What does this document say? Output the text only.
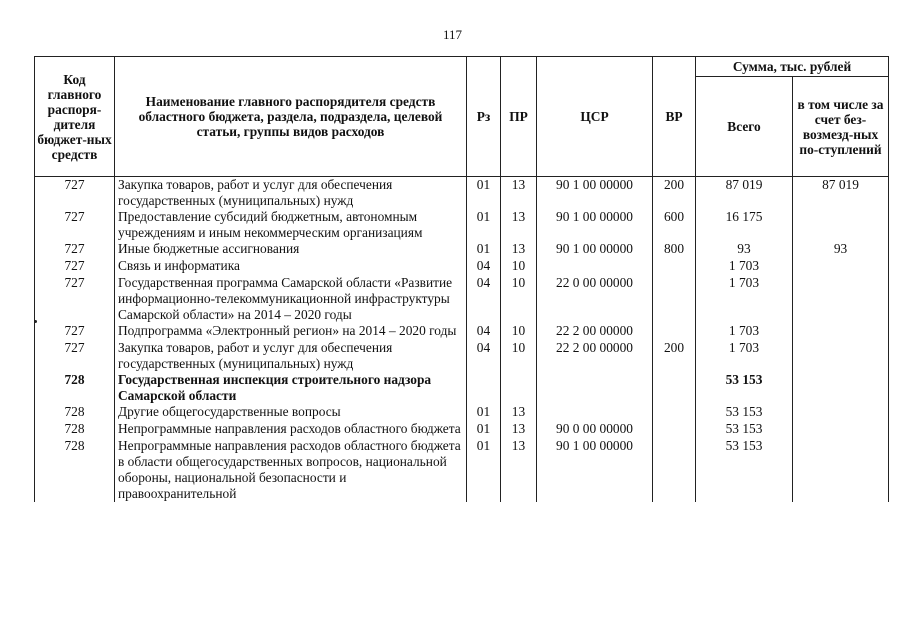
117
Код главного распоря-дителя бюджет-ных средств	Наименование главного распорядителя средств областного бюджета, раздела, подраздела, целевой статьи, группы видов расходов	Рз	ПР	ЦСР	ВР	Сумма, тыс. рублей	
						Всего	в том числе за счет без-возмезд-ных по-ступлений
727	Закупка товаров, работ и услуг для обеспечения государственных (муниципальных) нужд	01	13	90 1 00 00000	200	87 019	87 019
727	Предоставление субсидий бюджетным, автономным учреждениям и иным некоммерческим организациям	01	13	90 1 00 00000	600	16 175	
727	Иные бюджетные ассигнования	01	13	90 1 00 00000	800	93	93
727	Связь и информатика	04	10			1 703	
727	Государственная программа Самарской области «Развитие информационно-телекоммуникационной инфраструктуры Самарской области» на 2014 – 2020 годы	04	10	22 0 00 00000		1 703	
727	Подпрограмма «Электронный регион» на 2014 – 2020 годы	04	10	22 2 00 00000		1 703	
727	Закупка товаров, работ и услуг для обеспечения государственных (муниципальных) нужд	04	10	22 2 00 00000	200	1 703	
728	Государственная инспекция строительного надзора Самарской области					53 153	
728	Другие общегосударственные вопросы	01	13			53 153	
728	Непрограммные направления расходов областного бюджета	01	13	90 0 00 00000		53 153	
728	Непрограммные направления расходов областного бюджета в области общегосударственных вопросов, национальной обороны, национальной безопасности и правоохранительной	01	13	90 1 00 00000		53 153	
